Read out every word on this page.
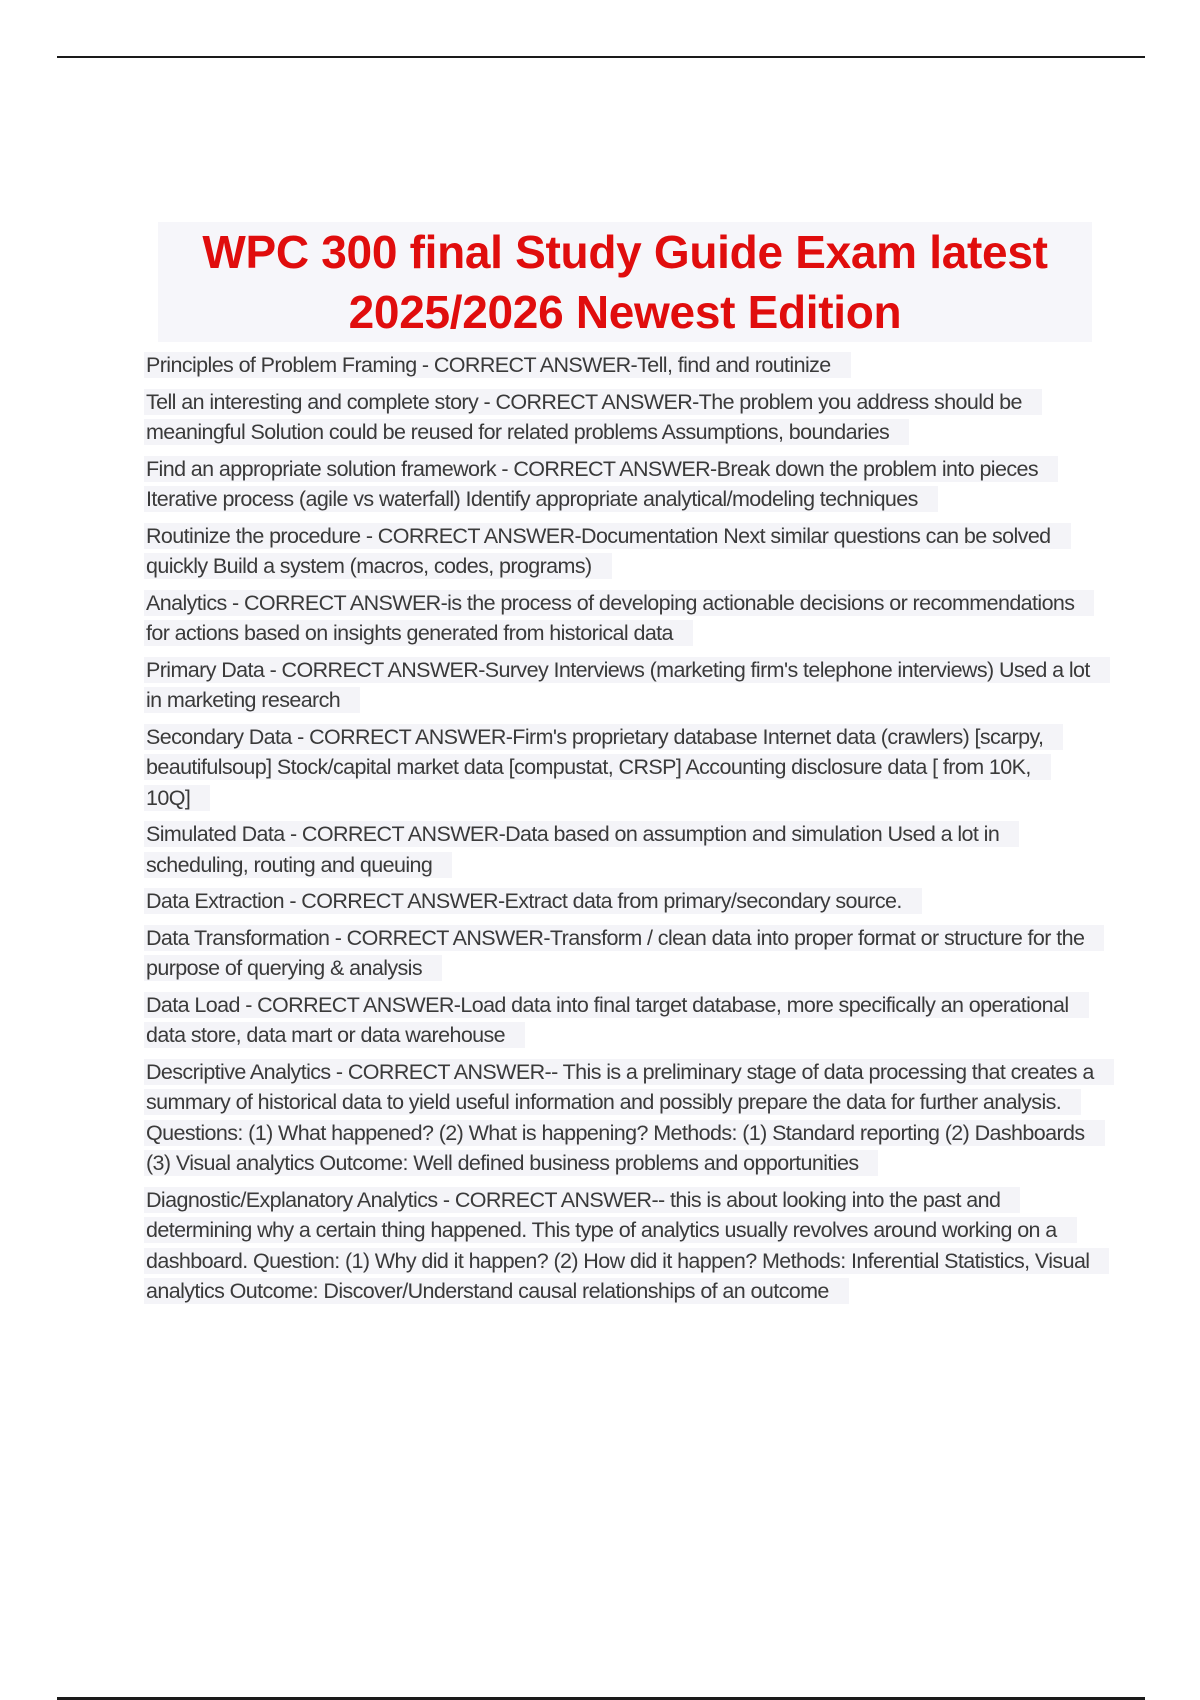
WPC 300 final Study Guide Exam latest

2025/2026 Newest Edition

Principles of Problem Framing - CORRECT ANSWER-Tell, find and routinize

Tell an interesting and complete story - CORRECT ANSWER-The problem you address should be meaningful Solution could be reused for related problems Assumptions, boundaries

Find an appropriate solution framework - CORRECT ANSWER-Break down the problem into pieces Iterative process (agile vs waterfall) Identify appropriate analytical/modeling techniques

Routinize the procedure - CORRECT ANSWER-Documentation Next similar questions can be solved quickly Build a system (macros, codes, programs)

Analytics - CORRECT ANSWER-is the process of developing actionable decisions or recommendations for actions based on insights generated from historical data

Primary Data - CORRECT ANSWER-Survey Interviews (marketing firm's telephone interviews) Used a lot in marketing research

Secondary Data - CORRECT ANSWER-Firm's proprietary database Internet data (crawlers) [scarpy, beautifulsoup] Stock/capital market data [compustat, CRSP] Accounting disclosure data [ from 10K, 10Q]

Simulated Data - CORRECT ANSWER-Data based on assumption and simulation Used a lot in scheduling, routing and queuing

Data Extraction - CORRECT ANSWER-Extract data from primary/secondary source.

Data Transformation - CORRECT ANSWER-Transform / clean data into proper format or structure for the purpose of querying & analysis

Data Load - CORRECT ANSWER-Load data into final target database, more specifically an operational data store, data mart or data warehouse

Descriptive Analytics - CORRECT ANSWER-- This is a preliminary stage of data processing that creates a summary of historical data to yield useful information and possibly prepare the data for further analysis. Questions: (1) What happened? (2) What is happening? Methods: (1) Standard reporting (2) Dashboards (3) Visual analytics Outcome: Well defined business problems and opportunities

Diagnostic/Explanatory Analytics - CORRECT ANSWER-- this is about looking into the past and determining why a certain thing happened. This type of analytics usually revolves around working on a dashboard. Question: (1) Why did it happen? (2) How did it happen? Methods: Inferential Statistics, Visual analytics Outcome: Discover/Understand causal relationships of an outcome
